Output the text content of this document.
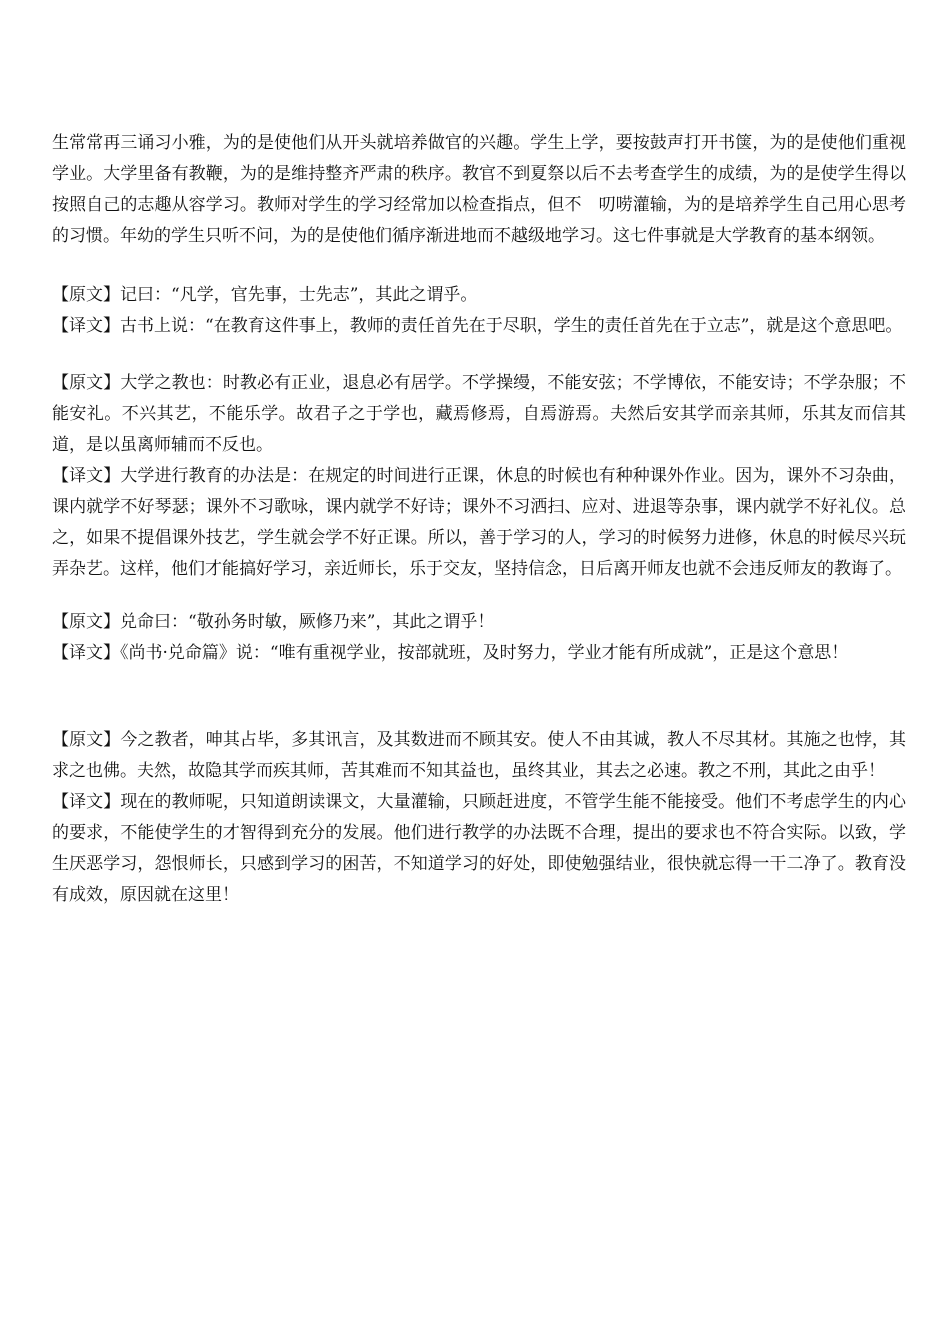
生常常再三诵习小雅，为的是使他们从开头就培养做官的兴趣。学生上学，要按鼓声打开书箧，为的是使他们重视学业。大学里备有教鞭，为的是维持整齐严肃的秩序。教官不到夏祭以后不去考查学生的成绩，为的是使学生得以按照自己的志趣从容学习。教师对学生的学习经常加以检查指点，但不　叨唠灌输，为的是培养学生自己用心思考的习惯。年幼的学生只听不问，为的是使他们循序渐进地而不越级地学习。这七件事就是大学教育的基本纲领。

【原文】记曰：“凡学，官先事，士先志”，其此之谓乎。

【译文】古书上说：“在教育这件事上，教师的责任首先在于尽职，学生的责任首先在于立志”，就是这个意思吧。

【原文】大学之教也：时教必有正业，退息必有居学。不学操缦，不能安弦；不学博依，不能安诗；不学杂服；不能安礼。不兴其艺，不能乐学。故君子之于学也，藏焉修焉，自焉游焉。夫然后安其学而亲其师，乐其友而信其道，是以虽离师辅而不反也。

【译文】大学进行教育的办法是：在规定的时间进行正课，休息的时候也有种种课外作业。因为，课外不习杂曲，课内就学不好琴瑟；课外不习歌咏，课内就学不好诗；课外不习洒扫、应对、进退等杂事，课内就学不好礼仪。总之，如果不提倡课外技艺，学生就会学不好正课。所以，善于学习的人，学习的时候努力进修，休息的时候尽兴玩弄杂艺。这样，他们才能搞好学习，亲近师长，乐于交友，坚持信念，日后离开师友也就不会违反师友的教诲了。

【原文】兑命曰：“敬孙务时敏，厥修乃来”，其此之谓乎！

【译文】《尚书·兑命篇》说：“唯有重视学业，按部就班，及时努力，学业才能有所成就”，正是这个意思！

【原文】今之教者，呻其占毕，多其讯言，及其数进而不顾其安。使人不由其诚，教人不尽其材。其施之也悖，其求之也佛。夫然，故隐其学而疾其师，苦其难而不知其益也，虽终其业，其去之必速。教之不刑，其此之由乎！

【译文】现在的教师呢，只知道朗读课文，大量灌输，只顾赶进度，不管学生能不能接受。他们不考虑学生的内心的要求，不能使学生的才智得到充分的发展。他们进行教学的办法既不合理，提出的要求也不符合实际。以致，学生厌恶学习，怨恨师长，只感到学习的困苦，不知道学习的好处，即使勉强结业，很快就忘得一干二净了。教育没有成效，原因就在这里！
